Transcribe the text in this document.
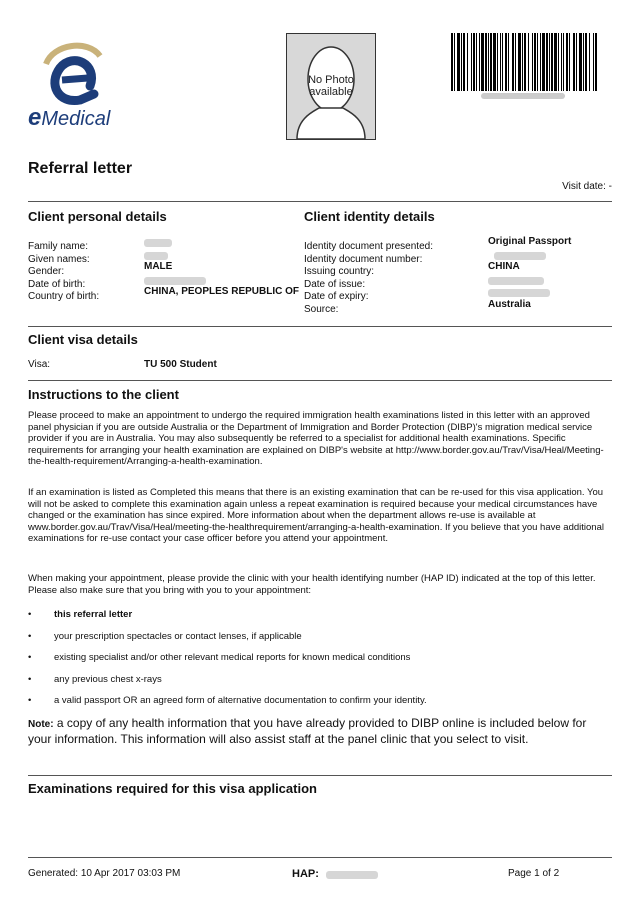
eMedical
No Photo
available
Referral letter
Visit date: -
Client personal details
Family name:
Given names:
Gender:	MALE
Date of birth:
Country of birth:	CHINA, PEOPLES REPUBLIC OF
Client identity details
Identity document presented:	Original Passport
Identity document number:
Issuing country:	CHINA
Date of issue:
Date of expiry:
Source:	Australia
Client visa details
Visa:	TU 500 Student
Instructions to the client

Please proceed to make an appointment to undergo the required immigration health examinations listed in this letter with an approved panel physician if you are outside Australia or the Department of Immigration and Border Protection (DIBP)'s migration medical service provider if you are in Australia. You may also subsequently be referred to a specialist for additional health examinations. Specific requirements for arranging your health examination are explained on DIBP's website at http://www.border.gov.au/Trav/Visa/Heal/Meeting-the-health-requirement/Arranging-a-health-examination.

If an examination is listed as Completed this means that there is an existing examination that can be re-used for this visa application. You will not be asked to complete this examination again unless a repeat examination is required because your medical circumstances have changed or the examination has since expired. More information about when the department allows re-use is available at www.border.gov.au/Trav/Visa/Heal/meeting-the-healthrequirement/arranging-a-health-examination. If you believe that you have additional examinations for re-use contact your case officer before you attend your appointment.

When making your appointment, please provide the clinic with your health identifying number (HAP ID) indicated at the top of this letter. Please also make sure that you bring with you to your appointment:

• this referral letter
• your prescription spectacles or contact lenses, if applicable
• existing specialist and/or other relevant medical reports for known medical conditions
• any previous chest x-rays
• a valid passport OR an agreed form of alternative documentation to confirm your identity.
Note: a copy of any health information that you have already provided to DIBP online is included below for your information. This information will also assist staff at the panel clinic that you select to visit.
Examinations required for this visa application
Generated: 10 Apr 2017 03:03 PM	HAP:	Page 1 of 2
